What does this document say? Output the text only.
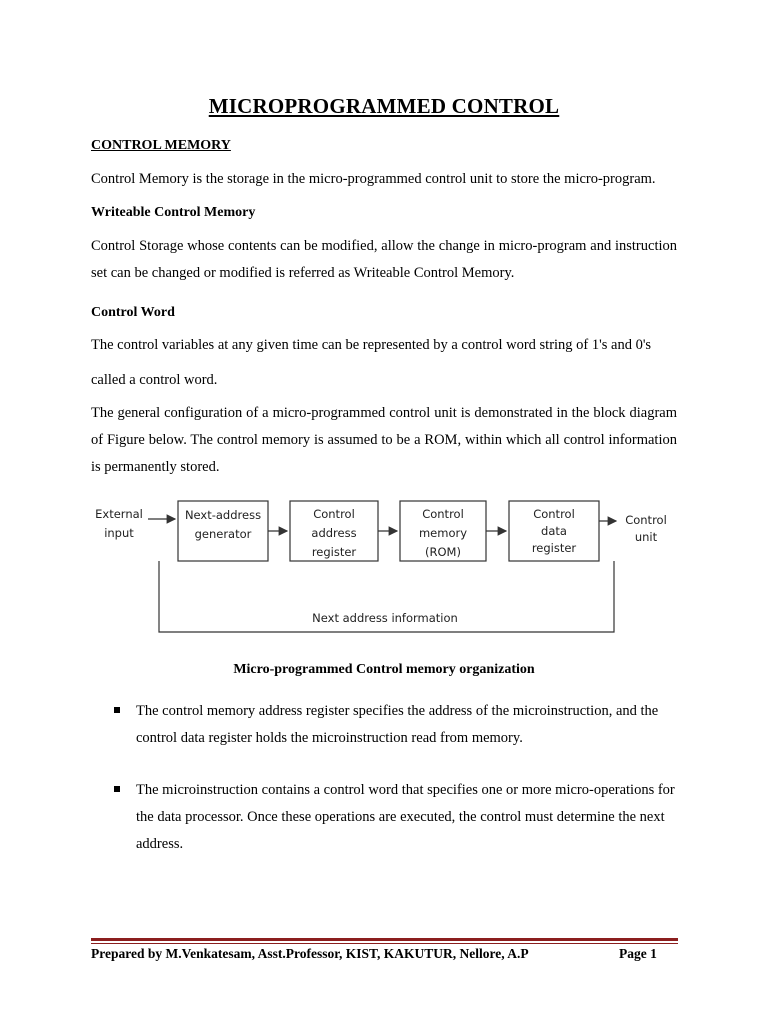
MICROPROGRAMMED CONTROL
CONTROL MEMORY
Control Memory is the storage in the micro-programmed control unit to store the micro-program.
Writeable Control Memory
Control Storage whose contents can be modified, allow the change in micro-program and instruction set can be changed or modified is referred as Writeable Control Memory.
Control Word
The control variables at any given time can be represented by a control word string of 1's and 0's
called a control word.
The general configuration of a micro-programmed control unit is demonstrated in the block diagram of Figure below. The control memory is assumed to be a ROM, within which all control information is permanently stored.
External
input
Next-address
generator
Control
address
register
Control
memory
(ROM)
Control
data
register
Control
unit
Next address information
Micro-programmed Control memory organization
The control memory address register specifies the address of the microinstruction, and the control data register holds the microinstruction read from memory.
The microinstruction contains a control word that specifies one or more micro-operations for the data processor. Once these operations are executed, the control must determine the next address.
Prepared by M.Venkatesam, Asst.Professor, KIST, KAKUTUR, Nellore, A.P	Page 1
